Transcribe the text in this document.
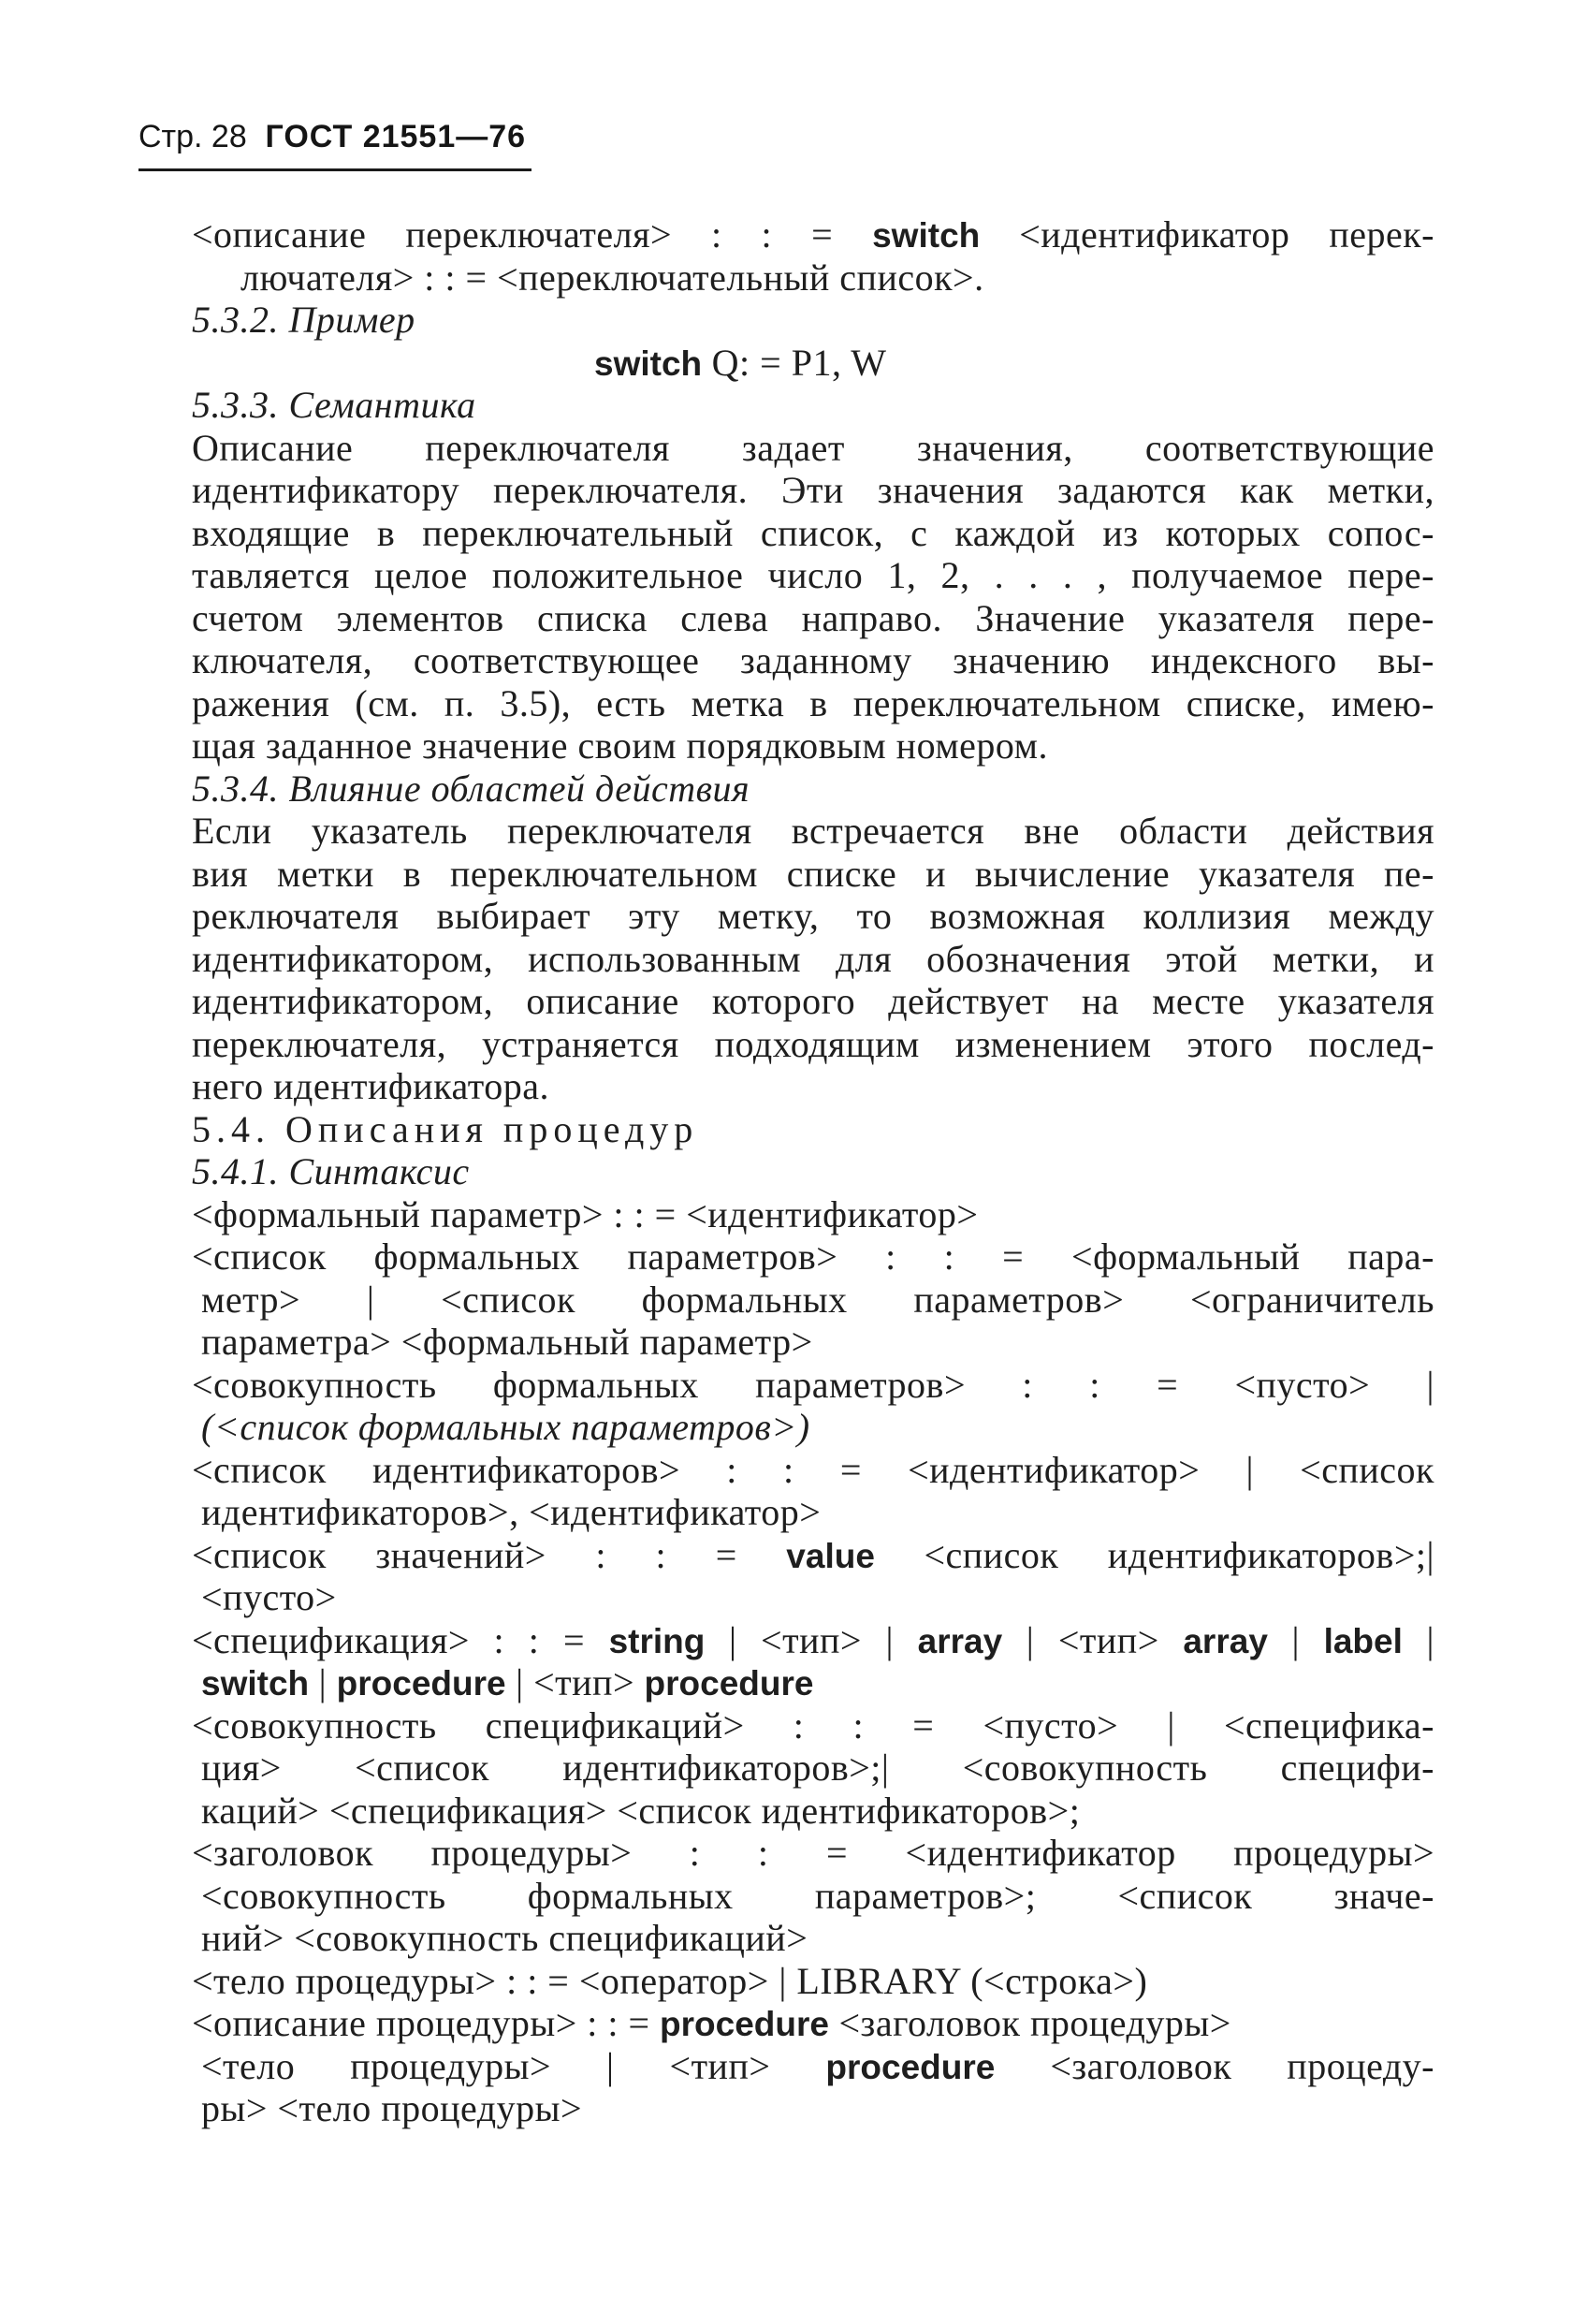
Стр. 28 ГОСТ 21551—76
<описание переключателя> : : = switch <идентификатор перек-
лючателя> : : = <переключательный список>.
5.3.2. Пример
switch Q: = P1, W
5.3.3. Семантика
Описание переключателя задает значения, соответствующие
идентификатору переключателя. Эти значения задаются как метки,
входящие в переключательный список, с каждой из которых сопос-
тавляется целое положительное число 1, 2, . . . , получаемое пере-
счетом элементов списка слева направо. Значение указателя пере-
ключателя, соответствующее заданному значению индексного вы-
ражения (см. п. 3.5), есть метка в переключательном списке, имею-
щая заданное значение своим порядковым номером.
5.3.4. Влияние областей действия
Если указатель переключателя встречается вне области действия
вия метки в переключательном списке и вычисление указателя пе-
реключателя выбирает эту метку, то возможная коллизия между
идентификатором, использованным для обозначения этой метки, и
идентификатором, описание которого действует на месте указателя
переключателя, устраняется подходящим изменением этого послед-
него идентификатора.
5.4. Описания процедур
5.4.1. Синтаксис
<формальный параметр> : : = <идентификатор>
<список формальных параметров> : : = <формальный пара-
метр> | <список формальных параметров> <ограничитель
параметра> <формальный параметр>
<совокупность формальных параметров> : : = <пусто> |
(<список формальных параметров>)
<список идентификаторов> : : = <идентификатор> | <список
идентификаторов>, <идентификатор>
<список значений> : : = value <список идентификаторов>;|
<пусто>
<спецификация> : : = string | <тип> | array | <тип> array | label |
switch | procedure | <тип> procedure
<совокупность спецификаций> : : = <пусто> | <специфика-
ция> <список идентификаторов>;| <совокупность специфи-
каций> <спецификация> <список идентификаторов>;
<заголовок процедуры> : : = <идентификатор процедуры>
<совокупность формальных параметров>; <список значе-
ний> <совокупность спецификаций>
<тело процедуры> : : = <оператор> | LIBRARY (<строка>)
<описание процедуры> : : = procedure <заголовок процедуры>
<тело процедуры> | <тип> procedure <заголовок процеду-
ры> <тело процедуры>
